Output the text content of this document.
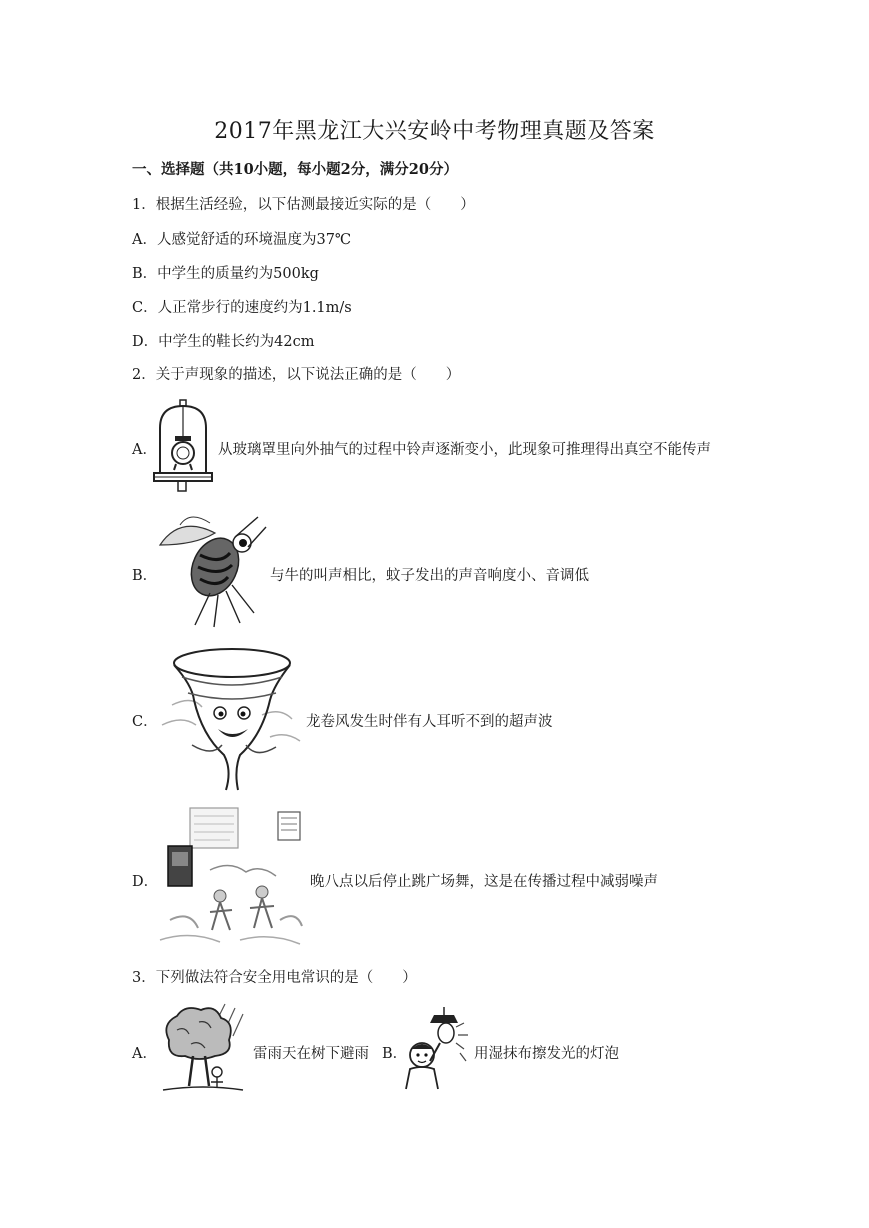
2017年黑龙江大兴安岭中考物理真题及答案
一、选择题（共10小题，每小题2分，满分20分）
1．根据生活经验，以下估测最接近实际的是（　　）
A．人感觉舒适的环境温度为37℃
B．中学生的质量约为500kg
C．人正常步行的速度约为1.1m/s
D．中学生的鞋长约为42cm
2．关于声现象的描述，以下说法正确的是（　　）
A．	从玻璃罩里向外抽气的过程中铃声逐渐变小，此现象可推理得出真空不能传声
B．	与牛的叫声相比，蚊子发出的声音响度小、音调低
C．	龙卷风发生时伴有人耳听不到的超声波
D．	晚八点以后停止跳广场舞，这是在传播过程中减弱噪声
3．下列做法符合安全用电常识的是（　　）
A．	雷雨天在树下避雨 B．	用湿抹布擦发光的灯泡
